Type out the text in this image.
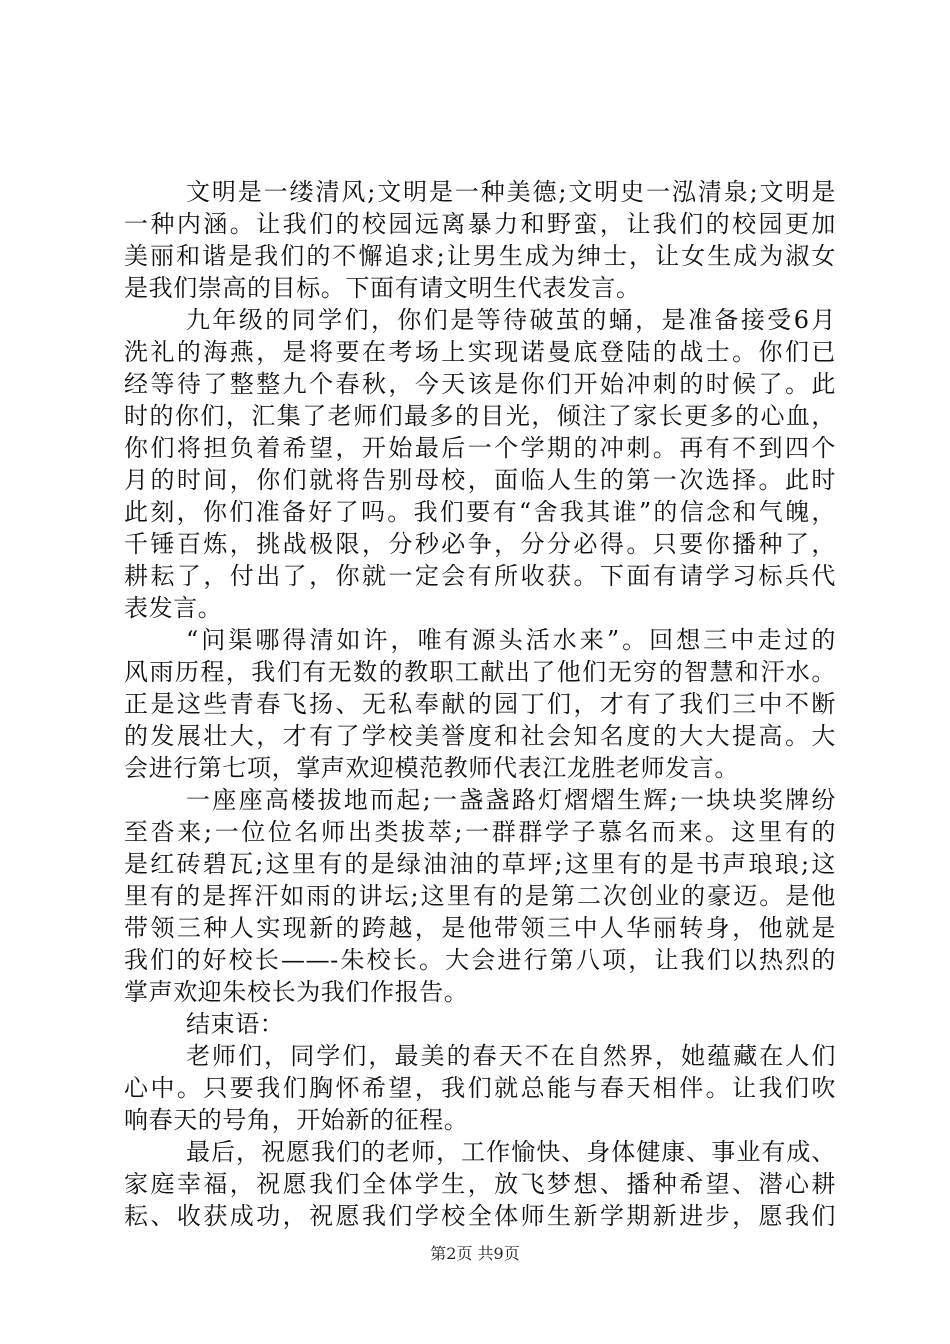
文明是一缕清风;文明是一种美德;文明史一泓清泉;文明是
一种内涵。让我们的校园远离暴力和野蛮，让我们的校园更加
美丽和谐是我们的不懈追求;让男生成为绅士，让女生成为淑女
是我们崇高的目标。下面有请文明生代表发言。
九年级的同学们，你们是等待破茧的蛹，是准备接受6月
洗礼的海燕，是将要在考场上实现诺曼底登陆的战士。你们已
经等待了整整九个春秋，今天该是你们开始冲刺的时候了。此
时的你们，汇集了老师们最多的目光，倾注了家长更多的心血，
你们将担负着希望，开始最后一个学期的冲刺。再有不到四个
月的时间，你们就将告别母校，面临人生的第一次选择。此时
此刻，你们准备好了吗。我们要有“舍我其谁”的信念和气魄，
千锤百炼，挑战极限，分秒必争，分分必得。只要你播种了，
耕耘了，付出了，你就一定会有所收获。下面有请学习标兵代
表发言。
“问渠哪得清如许，唯有源头活水来”。回想三中走过的
风雨历程，我们有无数的教职工献出了他们无穷的智慧和汗水。
正是这些青春飞扬、无私奉献的园丁们，才有了我们三中不断
的发展壮大，才有了学校美誉度和社会知名度的大大提高。大
会进行第七项，掌声欢迎模范教师代表江龙胜老师发言。
一座座高楼拔地而起;一盏盏路灯熠熠生辉;一块块奖牌纷
至沓来;一位位名师出类拔萃;一群群学子慕名而来。这里有的
是红砖碧瓦;这里有的是绿油油的草坪;这里有的是书声琅琅;这
里有的是挥汗如雨的讲坛;这里有的是第二次创业的豪迈。是他
带领三种人实现新的跨越，是他带领三中人华丽转身，他就是
我们的好校长——-朱校长。大会进行第八项，让我们以热烈的
掌声欢迎朱校长为我们作报告。
结束语：
老师们，同学们，最美的春天不在自然界，她蕴藏在人们
心中。只要我们胸怀希望，我们就总能与春天相伴。让我们吹
响春天的号角，开始新的征程。
最后，祝愿我们的老师，工作愉快、身体健康、事业有成、
家庭幸福，祝愿我们全体学生，放飞梦想、播种希望、潜心耕
耘、收获成功，祝愿我们学校全体师生新学期新进步，愿我们
第2页 共9页
